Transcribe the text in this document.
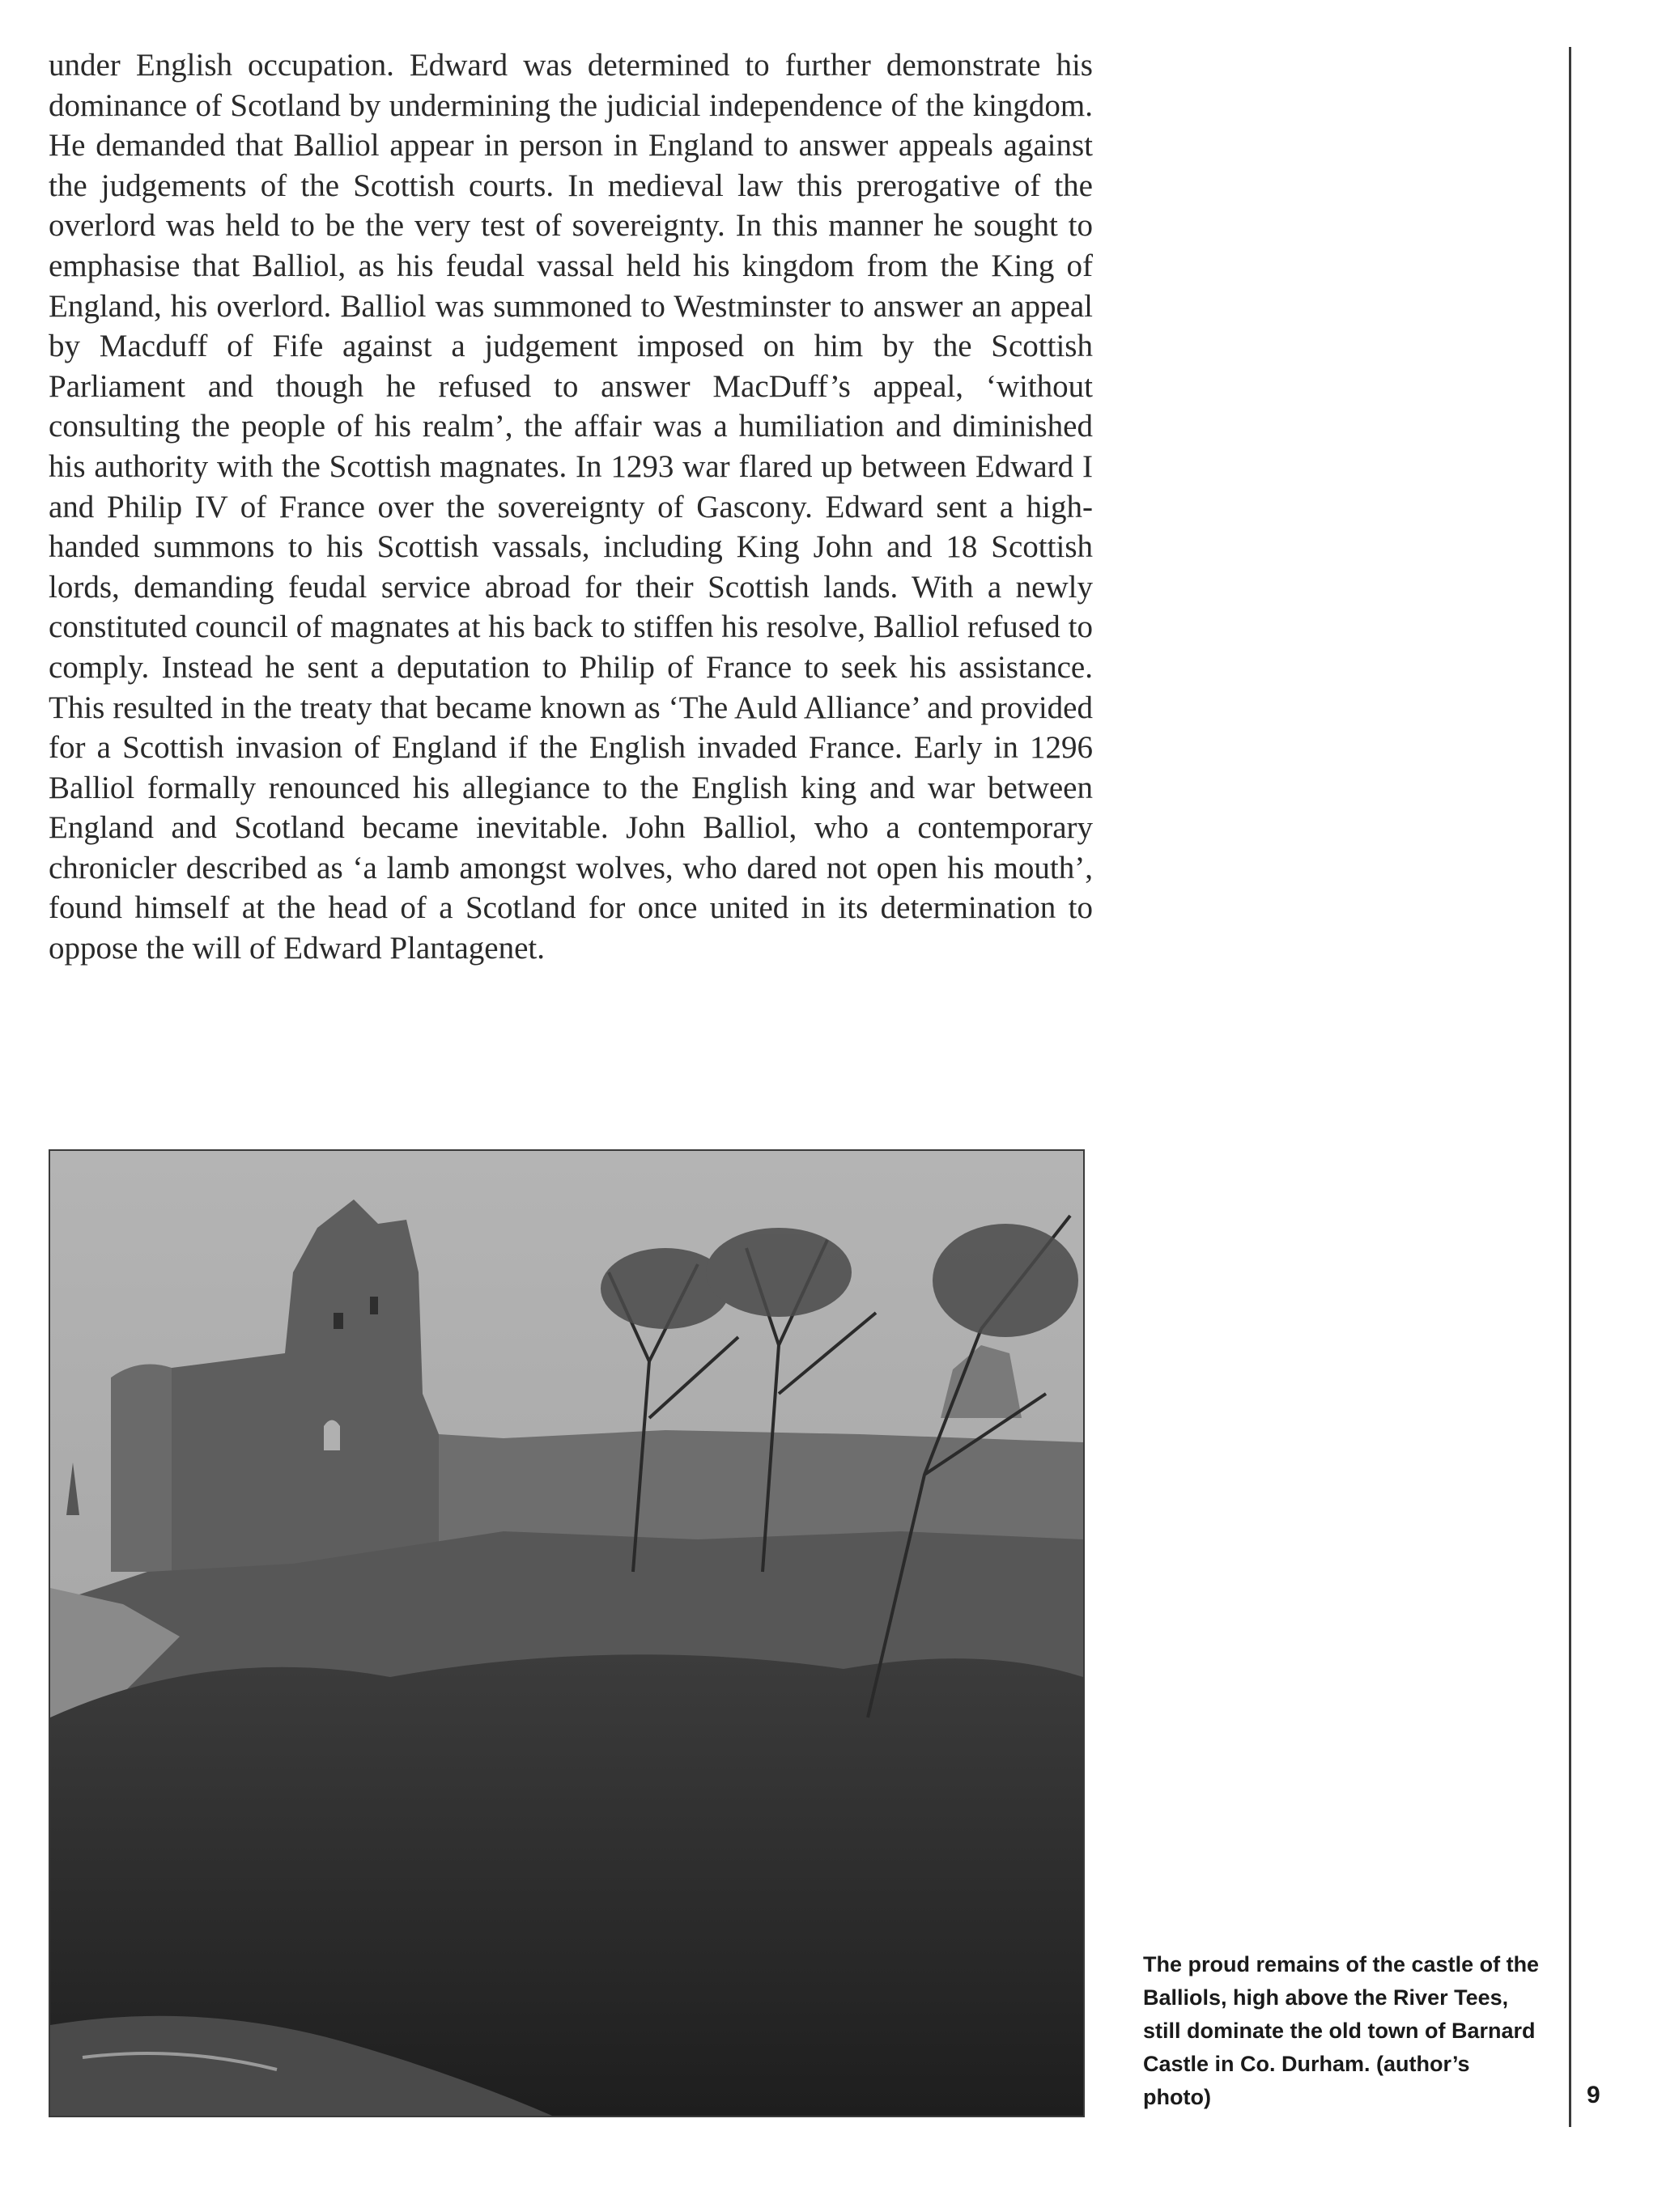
under English occupation. Edward was determined to further demonstrate his dominance of Scotland by undermining the judicial independence of the kingdom. He demanded that Balliol appear in person in England to answer appeals against the judgements of the Scottish courts. In medieval law this prerogative of the overlord was held to be the very test of sovereignty. In this manner he sought to emphasise that Balliol, as his feudal vassal held his kingdom from the King of England, his overlord. Balliol was summoned to Westminster to answer an appeal by Macduff of Fife against a judgement imposed on him by the Scottish Parliament and though he refused to answer MacDuff’s appeal, ‘without consulting the people of his realm’, the affair was a humiliation and diminished his authority with the Scottish magnates. In 1293 war flared up between Edward I and Philip IV of France over the sovereignty of Gascony. Edward sent a high-handed summons to his Scottish vassals, including King John and 18 Scottish lords, demanding feudal service abroad for their Scottish lands. With a newly constituted council of magnates at his back to stiffen his resolve, Balliol refused to comply. Instead he sent a deputation to Philip of France to seek his assistance. This resulted in the treaty that became known as ‘The Auld Alliance’ and provided for a Scottish invasion of England if the English invaded France. Early in 1296 Balliol formally renounced his allegiance to the English king and war between England and Scotland became inevitable. John Balliol, who a contemporary chronicler described as ‘a lamb amongst wolves, who dared not open his mouth’, found himself at the head of a Scotland for once united in its determination to oppose the will of Edward Plantagenet.

The proud remains of the castle of the Balliols, high above the River Tees, still dominate the old town of Barnard Castle in Co. Durham. (author’s photo)	9
